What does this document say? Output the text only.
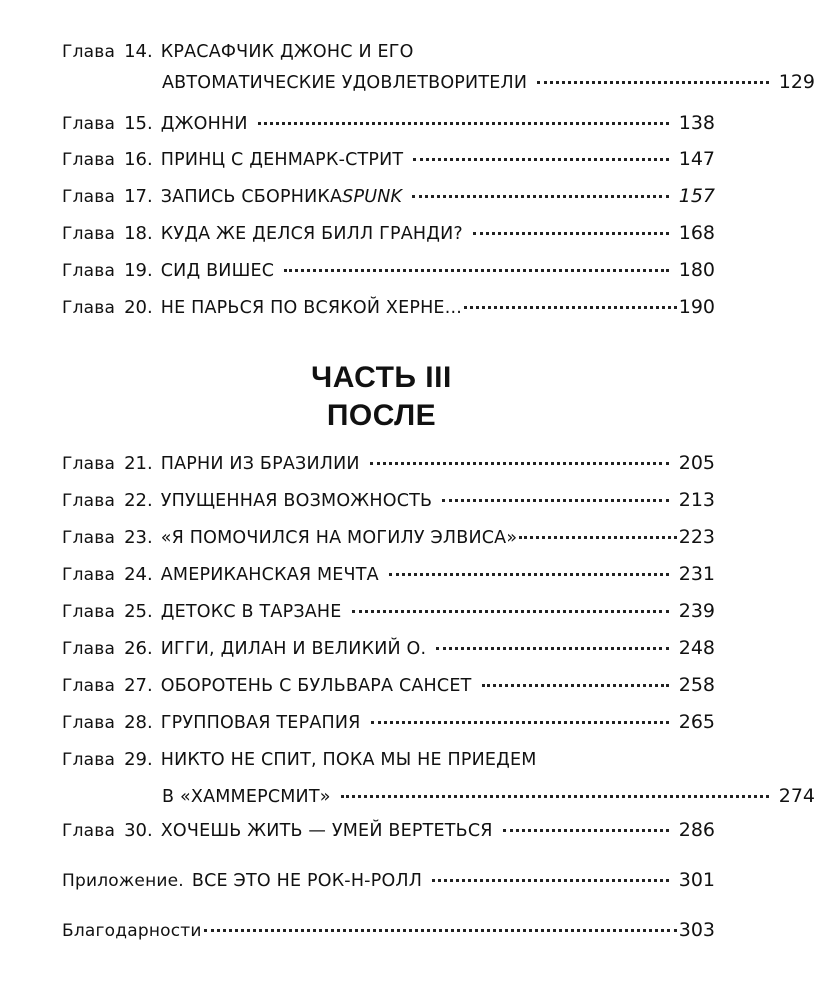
Глава 14. КРАСАФЧИК ДЖОНС И ЕГО
АВТОМАТИЧЕСКИЕ УДОВЛЕТВОРИТЕЛИ	129
Глава 15. ДЖОННИ	138
Глава 16. ПРИНЦ С ДЕНМАРК-СТРИТ	147
Глава 17. ЗАПИСЬ СБОРНИКА SPUNK	157
Глава 18. КУДА ЖЕ ДЕЛСЯ БИЛЛ ГРАНДИ?	168
Глава 19. СИД ВИШЕС	180
Глава 20. НЕ ПАРЬСЯ ПО ВСЯКОЙ ХЕРНЕ...	190
ЧАСТЬ III
ПОСЛЕ
Глава 21. ПАРНИ ИЗ БРАЗИЛИИ	205
Глава 22. УПУЩЕННАЯ ВОЗМОЖНОСТЬ	213
Глава 23. «Я ПОМОЧИЛСЯ НА МОГИЛУ ЭЛВИСА»	223
Глава 24. АМЕРИКАНСКАЯ МЕЧТА	231
Глава 25. ДЕТОКС В ТАРЗАНЕ	239
Глава 26. ИГГИ, ДИЛАН И ВЕЛИКИЙ О.	248
Глава 27. ОБОРОТЕНЬ С БУЛЬВАРА САНСЕТ	258
Глава 28. ГРУППОВАЯ ТЕРАПИЯ	265
Глава 29. НИКТО НЕ СПИТ, ПОКА МЫ НЕ ПРИЕДЕМ
В «ХАММЕРСМИТ»	274
Глава 30. ХОЧЕШЬ ЖИТЬ — УМЕЙ ВЕРТЕТЬСЯ	286
Приложение. ВСЕ ЭТО НЕ РОК-Н-РОЛЛ	301
Благодарности	303
